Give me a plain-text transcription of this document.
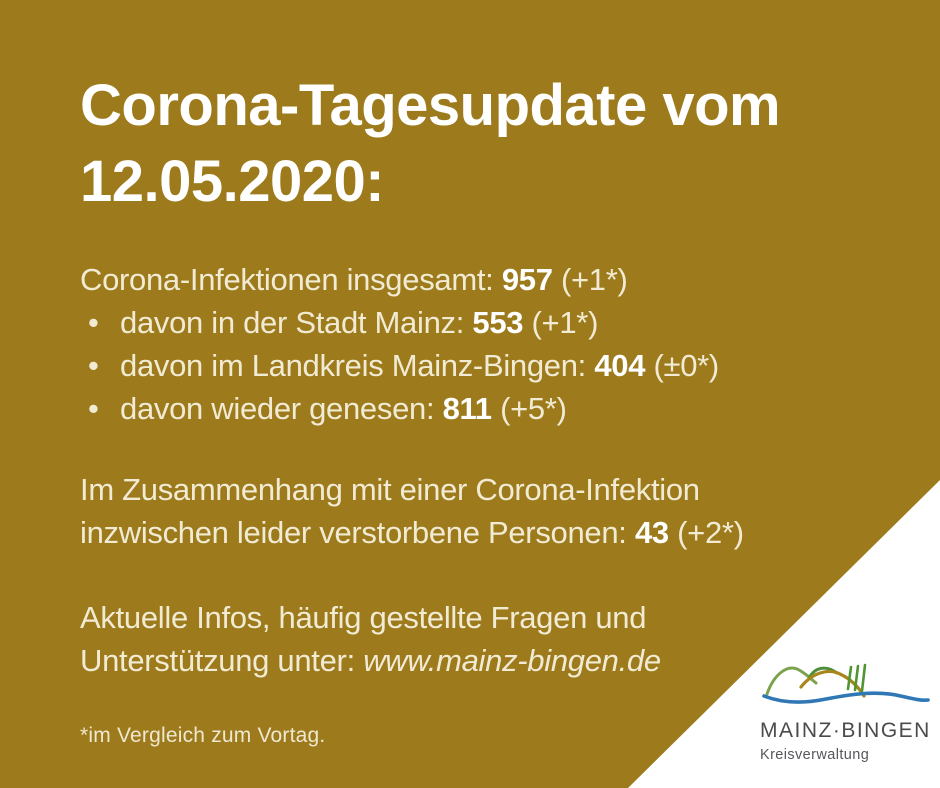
Corona-Tagesupdate vom
12.05.2020:
Corona-Infektionen insgesamt: 957 (+1*)
• davon in der Stadt Mainz: 553 (+1*)
• davon im Landkreis Mainz-Bingen: 404 (±0*)
• davon wieder genesen: 811 (+5*)
Im Zusammenhang mit einer Corona-Infektion
inzwischen leider verstorbene Personen: 43 (+2*)
Aktuelle Infos, häufig gestellte Fragen und
Unterstützung unter: www.mainz-bingen.de
*im Vergleich zum Vortag.	MAINZ·BINGEN
Kreisverwaltung
